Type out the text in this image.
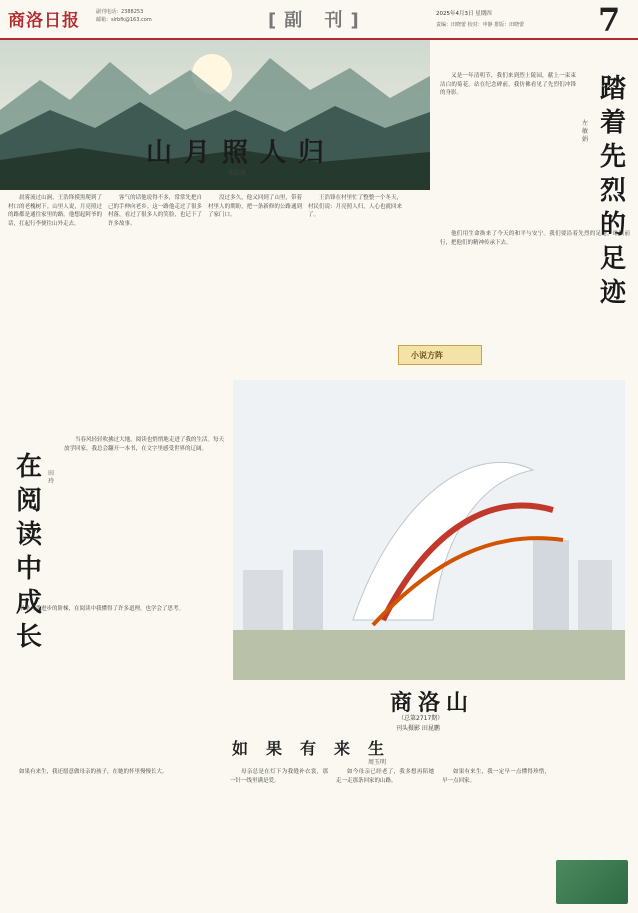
商洛日报	副刊电话：2388253
邮箱：slrbfk@163.com	[副 刊]	2025年4月3日 星期四
责编：田晓蕾 校对：申静 排版：田晓蕾 7
山月照人归
张浩锋

晨雾流过山涧，王浩锋摸黑爬到了村口的老槐树下。山里人说，月亮照过的路都是通往家里的路。他想起阿爷的话，扛起行李便往山外走去。

客气的话他说得不多，常常先把自己的手伸向老乡。这一路他走过了很多村落，看过了很多人的笑脸，也记下了许多故事。

没过多久，他又回到了山里，带着村里人的期盼，把一条新修的公路通到了家门口。

王浩锋在村里忙了整整一个冬天，村民们说：月亮照人归，人心也就回来了。

踏着先烈的足迹
左敏娟

又是一年清明节，我们来到烈士陵园，献上一束束洁白的菊花。站在纪念碑前，我仿佛看见了先烈们冲锋的身影。

他们用生命换来了今天的和平与安宁。我们要沿着先烈的足迹，继续前行，把他们的精神传承下去。

小说方阵
在阅读中成长
田玲

当春风轻轻吹拂过大地，阅读也悄悄地走进了我的生活。每天放学回家，我总会翻开一本书，在文字里感受世界的辽阔。

书是人类进步的阶梯，在阅读中我懂得了许多道理，也学会了思考。

商洛山
（总第2717期）
刊头摄影 田昆鹏
如果有来生
周玉明

如果有来生，我还愿意做母亲的孩子，在她的怀里慢慢长大。	母亲总是在灯下为我缝补衣裳，那一针一线里满是爱。

如今母亲已经老了，我多想再陪她走一走那条回家的山路。

如果有来生，我一定早一点懂得珍惜，早一点回家。
